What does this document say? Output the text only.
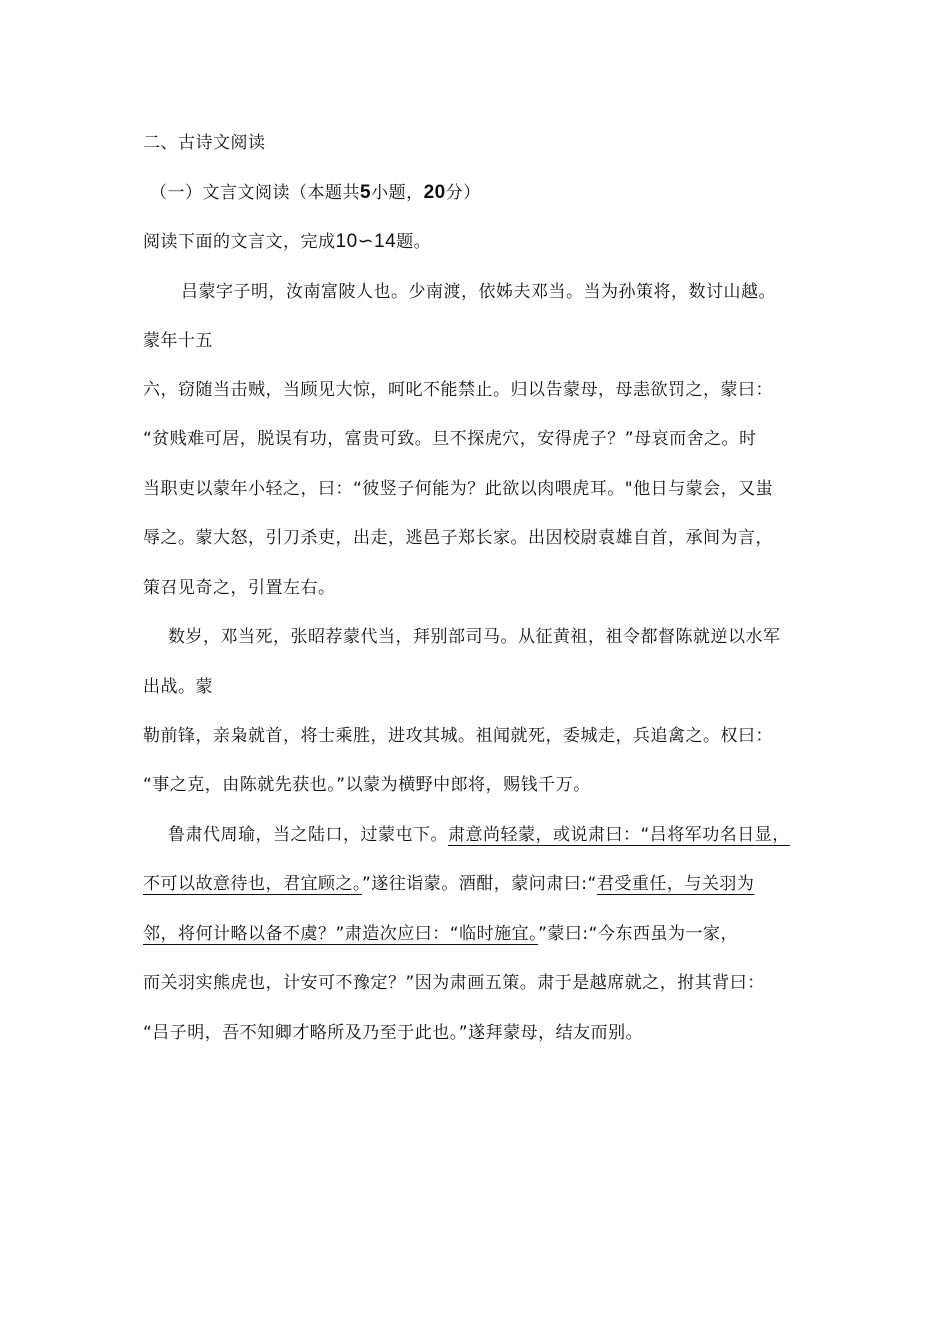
二、古诗文阅读
（一）文言文阅读（本题共5小题，20分）
阅读下面的文言文，完成10∽14题。
吕蒙字子明，汝南富陂人也。少南渡，依姊夫邓当。当为孙策将，数讨山越。
蒙年十五
六，窃随当击贼，当顾见大惊，呵叱不能禁止。归以告蒙母，母恚欲罚之，蒙曰：
“贫贱难可居，脱误有功，富贵可致。旦不探虎穴，安得虎子？”母哀而舍之。时
当职吏以蒙年小轻之，曰：“彼竖子何能为？此欲以肉喂虎耳。"他日与蒙会，又蚩
辱之。蒙大怒，引刀杀吏，出走，逃邑子郑长家。出因校尉袁雄自首，承间为言，
策召见奇之，引置左右。
数岁，邓当死，张昭荐蒙代当，拜别部司马。从征黄祖，祖令都督陈就逆以水军
出战。蒙
勒前锋，亲枭就首，将士乘胜，进攻其城。祖闻就死，委城走，兵追禽之。权曰：
“事之克，由陈就先获也。”以蒙为横野中郎将，赐钱千万。
鲁肃代周瑜，当之陆口，过蒙屯下。肃意尚轻蒙，或说肃曰：“吕将军功名日显，
不可以故意待也，君宜顾之。”遂往诣蒙。酒酣，蒙问肃曰:“君受重任，与关羽为
邻，将何计略以备不虞？”肃造次应曰：“临时施宜。”蒙曰:“今东西虽为一家，
而关羽实熊虎也，计安可不豫定？”因为肃画五策。肃于是越席就之，拊其背曰：
“吕子明，吾不知卿才略所及乃至于此也。”遂拜蒙母，结友而别。
